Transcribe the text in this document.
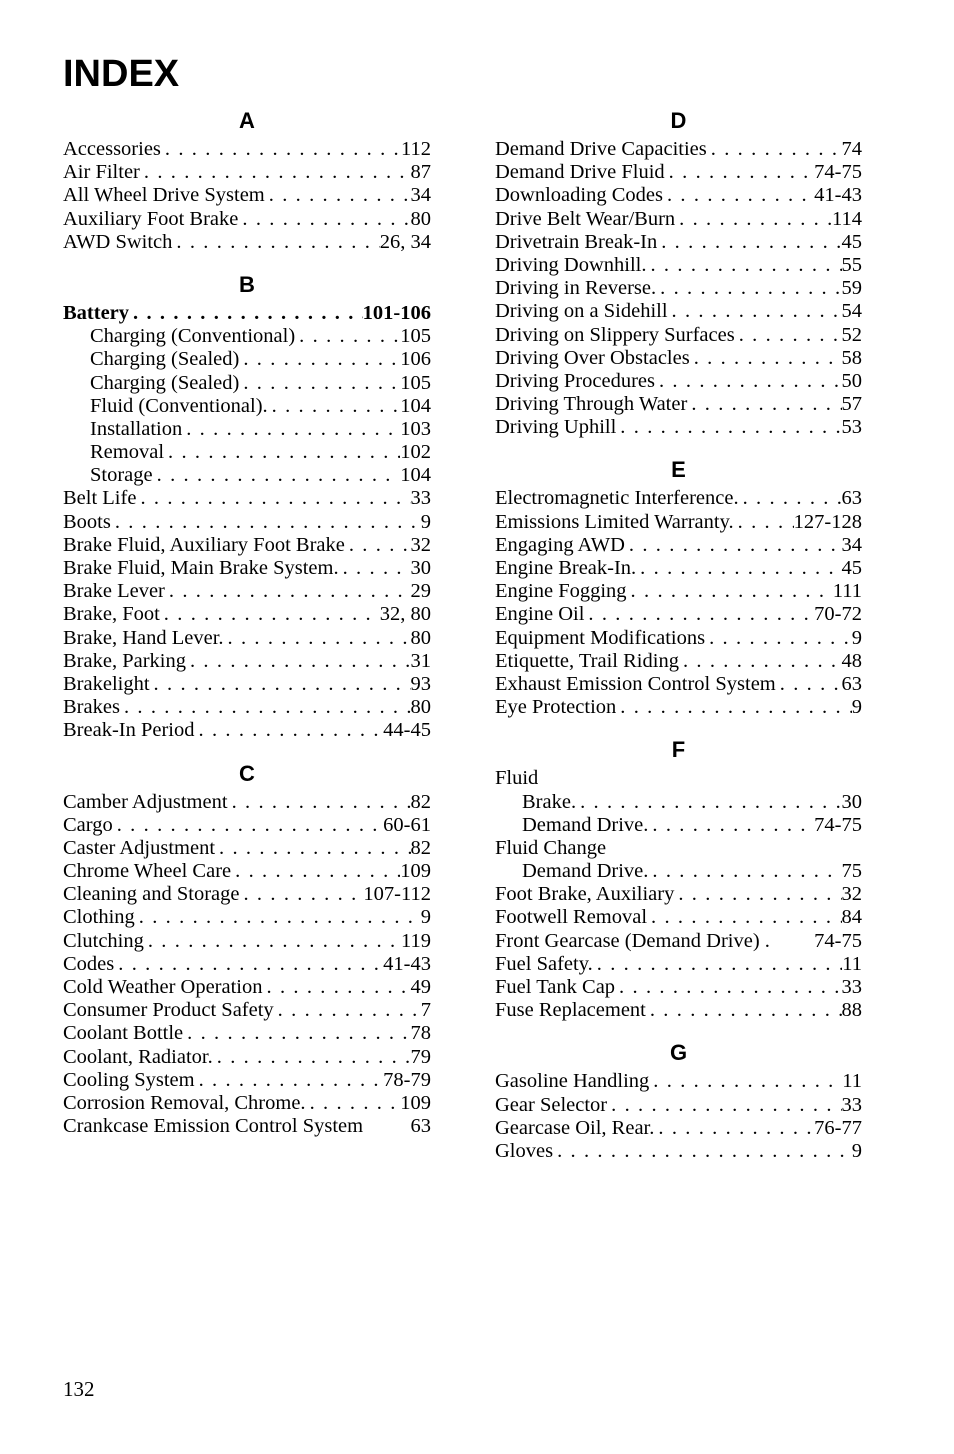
INDEX
A
Accessories . . .	112
Air Filter . . .	87
All Wheel Drive System . . .	34
Auxiliary Foot Brake . . .	80
AWD Switch . . .	26, 34
B
Battery . . .	101-106
Charging (Conventional) . . .	105
Charging (Sealed) . . .	106
Charging (Sealed) . . .	105
Fluid (Conventional). . . .	104
Installation . . .	103
Removal . . .	102
Storage . . .	104
Belt Life . . .	33
Boots . . .	9
Brake Fluid, Auxiliary Foot Brake . . .	32
Brake Fluid, Main Brake System. . . .	30
Brake Lever . . .	29
Brake, Foot . . .	32, 80
Brake, Hand Lever. . . .	80
Brake, Parking . . .	31
Brakelight . . .	93
Brakes . . .	80
Break-In Period . . .	44-45
C
Camber Adjustment . . .	82
Cargo . . .	60-61
Caster Adjustment . . .	82
Chrome Wheel Care . . .	109
Cleaning and Storage . . .	107-112
Clothing . . .	9
Clutching . . .	119
Codes . . .	41-43
Cold Weather Operation . . .	49
Consumer Product Safety . . .	7
Coolant Bottle . . .	78
Coolant, Radiator. . . .	79
Cooling System . . .	78-79
Corrosion Removal, Chrome. . . .	109
Crankcase Emission Control System 63
D
Demand Drive Capacities . . .	74
Demand Drive Fluid . . .	74-75
Downloading Codes . . .	41-43
Drive Belt Wear/Burn . . .	114
Drivetrain Break-In . . .	45
Driving Downhill. . . .	55
Driving in Reverse. . . .	59
Driving on a Sidehill . . .	54
Driving on Slippery Surfaces . . .	52
Driving Over Obstacles . . .	58
Driving Procedures . . .	50
Driving Through Water . . .	57
Driving Uphill . . .	53
E
Electromagnetic Interference. . . .	63
Emissions Limited Warranty. . . .	127-128
Engaging AWD . . .	34
Engine Break-In. . . .	45
Engine Fogging . . .	111
Engine Oil . . .	70-72
Equipment Modifications . . .	9
Etiquette, Trail Riding . . .	48
Exhaust Emission Control System . . .	63
Eye Protection . . .	9
F
Fluid
Brake. . . .	30
Demand Drive. . . .	74-75
Fluid Change
Demand Drive. . . .	75
Foot Brake, Auxiliary . . .	32
Footwell Removal . . .	84
Front Gearcase (Demand Drive) . 74-75
Fuel Safety. . . .	11
Fuel Tank Cap . . .	33
Fuse Replacement . . .	88
G
Gasoline Handling . . .	11
Gear Selector . . .	33
Gearcase Oil, Rear. . . .	76-77
Gloves . . .	9
132
